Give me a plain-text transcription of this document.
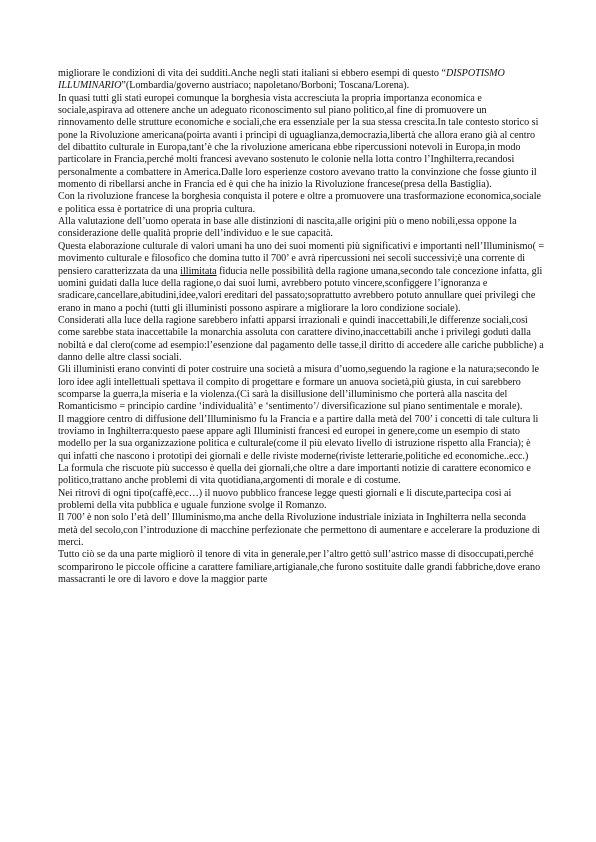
migliorare le condizioni di vita dei sudditi.Anche negli stati italiani si ebbero esempi di questo “DISPOTISMO ILLUMINARIO”(Lombardia/governo austriaco; napoletano/Borboni; Toscana/Lorena).

In quasi tutti gli stati europei comunque la borghesia vista accresciuta la propria importanza economica e sociale,aspirava ad ottenere anche un adeguato riconoscimento sul piano politico,al fine di promuovere un rinnovamento delle strutture economiche e sociali,che era essenziale per la sua stessa crescita.In tale contesto storico si pone la Rivoluzione americana(poirta avanti i principi di uguaglianza,democrazia,libertà che allora erano già al centro del dibattito culturale in Europa,tant’è che la rivoluzione americana ebbe ripercussioni notevoli in Europa,in modo particolare in Francia,perché molti francesi avevano sostenuto le colonie nella lotta contro l’Inghilterra,recandosi personalmente a combattere in America.Dalle loro esperienze costoro avevano tratto la convinzione che fosse giunto il momento di ribellarsi anche in Francia ed è qui che ha inizio la Rivoluzione francese(presa della Bastiglia).

Con la rivoluzione francese la borghesia conquista il potere e oltre a promuovere una trasformazione economica,sociale e politica essa è portatrice di una propria cultura.

Alla valutazione dell’uomo operata in base alle distinzioni di nascita,alle origini più o meno nobili,essa oppone la considerazione delle qualità proprie dell’individuo e le sue capacità.

Questa elaborazione culturale di valori umani ha uno dei suoi momenti più significativi e importanti nell’Illuminismo( = movimento culturale e filosofico che domina tutto il 700’ e avrà ripercussioni nei secoli successivi;è una corrente di pensiero caratterizzata da una illimitata fiducia nelle possibilità della ragione umana,secondo tale concezione infatta, gli uomini guidati dalla luce della ragione,o dai suoi lumi, avrebbero potuto vincere,sconfiggere l’ignoranza e sradicare,cancellare,abitudini,idee,valori ereditari del passato;soprattutto avrebbero potuto annullare quei privilegi che erano in mano a pochi (tutti gli illuministi possono aspirare a migliorare la loro condizione sociale).

Considerati alla luce della ragione sarebbero infatti apparsi irrazionali e quindi inaccettabili,le differenze sociali,così come sarebbe stata inaccettabile la monarchia assoluta con carattere divino,inaccettabili anche i privilegi goduti dalla nobiltà e dal clero(come ad esempio:l’esenzione dal pagamento delle tasse,il diritto di accedere alle cariche pubbliche) a danno delle altre classi sociali.

Gli illuministi erano convinti di poter costruire una società a misura d’uomo,seguendo la ragione e la natura;secondo le loro idee agli intellettuali spettava il compito di progettare e formare un anuova società,più giusta, in cui sarebbero scomparse la guerra,la miseria e la violenza.(Ci sarà la disillusione dell’illuminismo che porterà alla nascita del Romanticismo = principio cardine ‘individualità’ e ‘sentimento’/ diversificazione sul piano sentimentale e morale).

Il maggiore centro di diffusione dell’Illuminismo fu la Francia e a partire dalla metà del 700’ i concetti di tale cultura li troviamo in Inghilterra:questo paese appare agli Illuministi francesi ed europei in genere,come un esempio di stato modello per la sua organizzazione politica e culturale(come il più elevato livello di istruzione rispetto alla Francia); è qui infatti che nascono i prototipi dei giornali e delle riviste moderne(riviste letterarie,politiche ed economiche..ecc.)

La formula che riscuote più successo è quella dei giornali,che oltre a dare importanti notizie di carattere economico e politico,trattano anche problemi di vita quotidiana,argomenti di morale e di costume.

Nei ritrovi di ogni tipo(caffè,ecc…) il nuovo pubblico francese legge questi giornali e li discute,partecipa così ai problemi della vita pubblica e uguale funzione svolge il Romanzo.

Il 700’ è non solo l’età dell’ Illuminismo,ma anche della Rivoluzione industriale iniziata in Inghilterra nella seconda metà del secolo,con l’introduzione di macchine perfezionate che permettono di aumentare e accelerare la produzione di merci.

Tutto ciò se da una parte migliorò il tenore di vita in generale,per l’altro gettò sull’astrico masse di disoccupati,perché scomparirono le piccole officine a carattere familiare,artigianale,che furono sostituite dalle grandi fabbriche,dove erano massacranti le ore di lavoro e dove la maggior parte
